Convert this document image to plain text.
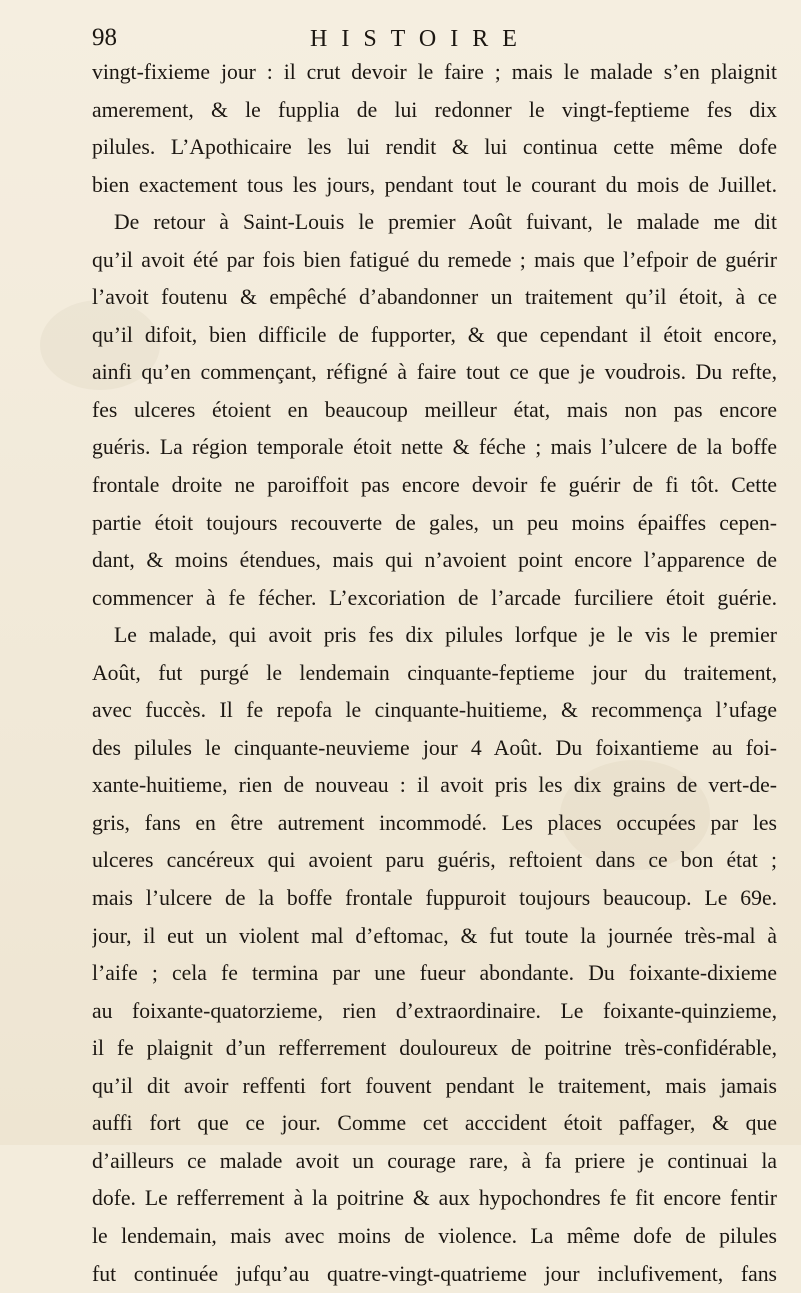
98	HISTOIRE
vingt-fixieme jour : il crut devoir le faire ; mais le malade s’en plaignit
amerement, & le fupplia de lui redonner le vingt-feptieme fes dix
pilules. L’Apothicaire les lui rendit & lui continua cette même dofe
bien exactement tous les jours, pendant tout le courant du mois de Juillet.
De retour à Saint-Louis le premier Août fuivant, le malade me dit
qu’il avoit été par fois bien fatigué du remede ; mais que l’efpoir de guérir
l’avoit foutenu & empêché d’abandonner un traitement qu’il étoit, à ce
qu’il difoit, bien difficile de fupporter, & que cependant il étoit encore,
ainfi qu’en commençant, réfigné à faire tout ce que je voudrois. Du refte,
fes ulceres étoient en beaucoup meilleur état, mais non pas encore
guéris. La région temporale étoit nette & féche ; mais l’ulcere de la boffe
frontale droite ne paroiffoit pas encore devoir fe guérir de fi tôt. Cette
partie étoit toujours recouverte de gales, un peu moins épaiffes cepen-
dant, & moins étendues, mais qui n’avoient point encore l’apparence de
commencer à fe fécher. L’excoriation de l’arcade furciliere étoit guérie.
Le malade, qui avoit pris fes dix pilules lorfque je le vis le premier
Août, fut purgé le lendemain cinquante-feptieme jour du traitement,
avec fuccès. Il fe repofa le cinquante-huitieme, & recommença l’ufage
des pilules le cinquante-neuvieme jour 4 Août. Du foixantieme au foi-
xante-huitieme, rien de nouveau : il avoit pris les dix grains de vert-de-
gris, fans en être autrement incommodé. Les places occupées par les
ulceres cancéreux qui avoient paru guéris, reftoient dans ce bon état ;
mais l’ulcere de la boffe frontale fuppuroit toujours beaucoup. Le 69e.
jour, il eut un violent mal d’eftomac, & fut toute la journée très-mal à
l’aife ; cela fe termina par une fueur abondante. Du foixante-dixieme
au foixante-quatorzieme, rien d’extraordinaire. Le foixante-quinzieme,
il fe plaignit d’un refferrement douloureux de poitrine très-confidérable,
qu’il dit avoir reffenti fort fouvent pendant le traitement, mais jamais
auffi fort que ce jour. Comme cet acccident étoit paffager, & que
d’ailleurs ce malade avoit un courage rare, à fa priere je continuai la
dofe. Le refferrement à la poitrine & aux hypochondres fe fit encore fentir
le lendemain, mais avec moins de violence. La même dofe de pilules
fut continuée jufqu’au quatre-vingt-quatrieme jour inclufivement, fans
